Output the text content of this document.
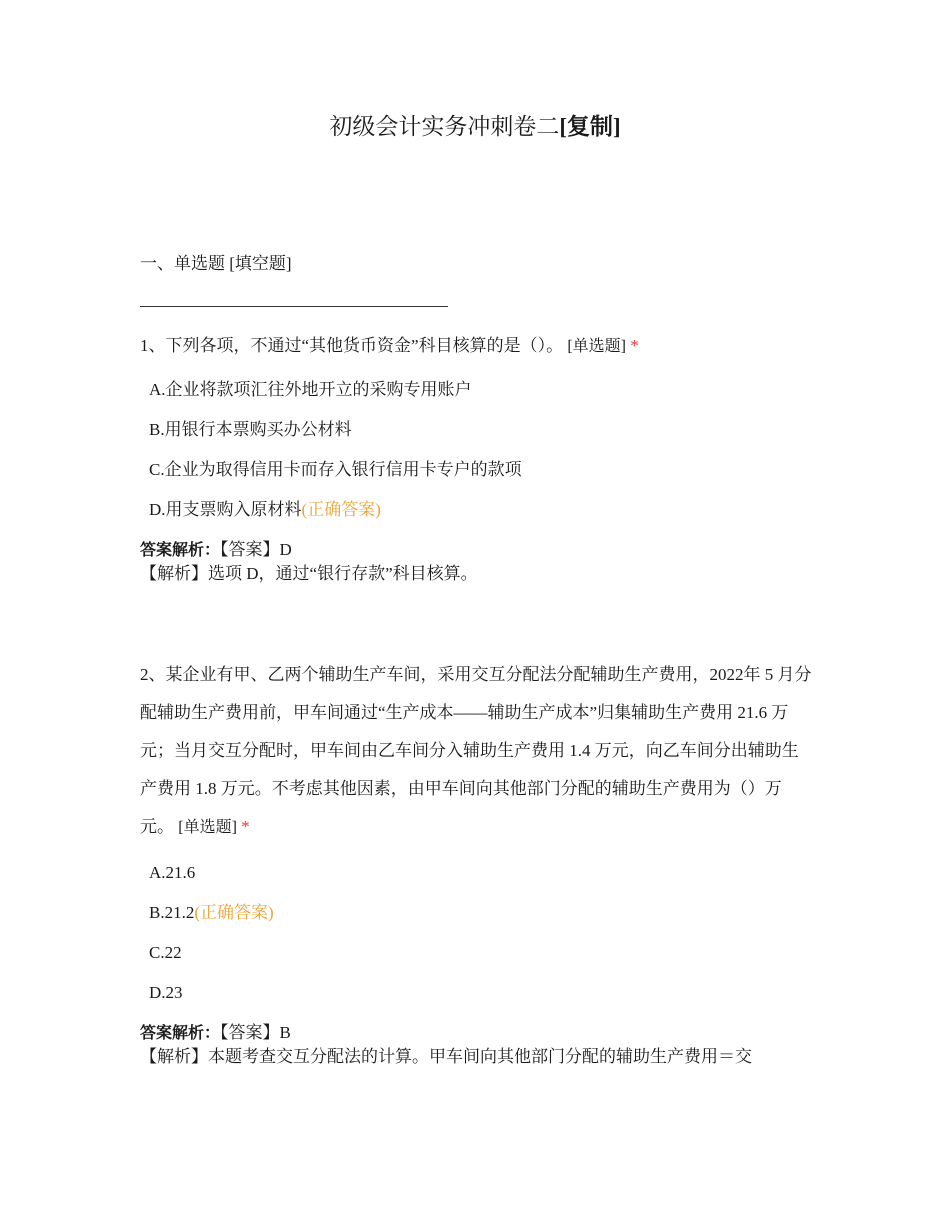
初级会计实务冲刺卷二[复制]
一、单选题 [填空题]

1、下列各项，不通过“其他货币资金”科目核算的是（）。 [单选题] *

A.企业将款项汇往外地开立的采购专用账户

B.用银行本票购买办公材料

C.企业为取得信用卡而存入银行信用卡专户的款项

D.用支票购入原材料(正确答案)

答案解析：【答案】D
【解析】选项 D，通过“银行存款”科目核算。

2、某企业有甲、乙两个辅助生产车间，采用交互分配法分配辅助生产费用，2022年 5 月分配辅助生产费用前，甲车间通过“生产成本——辅助生产成本”归集辅助生产费用 21.6 万元；当月交互分配时，甲车间由乙车间分入辅助生产费用 1.4 万元，向乙车间分出辅助生产费用 1.8 万元。不考虑其他因素，由甲车间向其他部门分配的辅助生产费用为（）万元。 [单选题] *

A.21.6

B.21.2(正确答案)

C.22

D.23

答案解析：【答案】B
【解析】本题考查交互分配法的计算。甲车间向其他部门分配的辅助生产费用＝交
